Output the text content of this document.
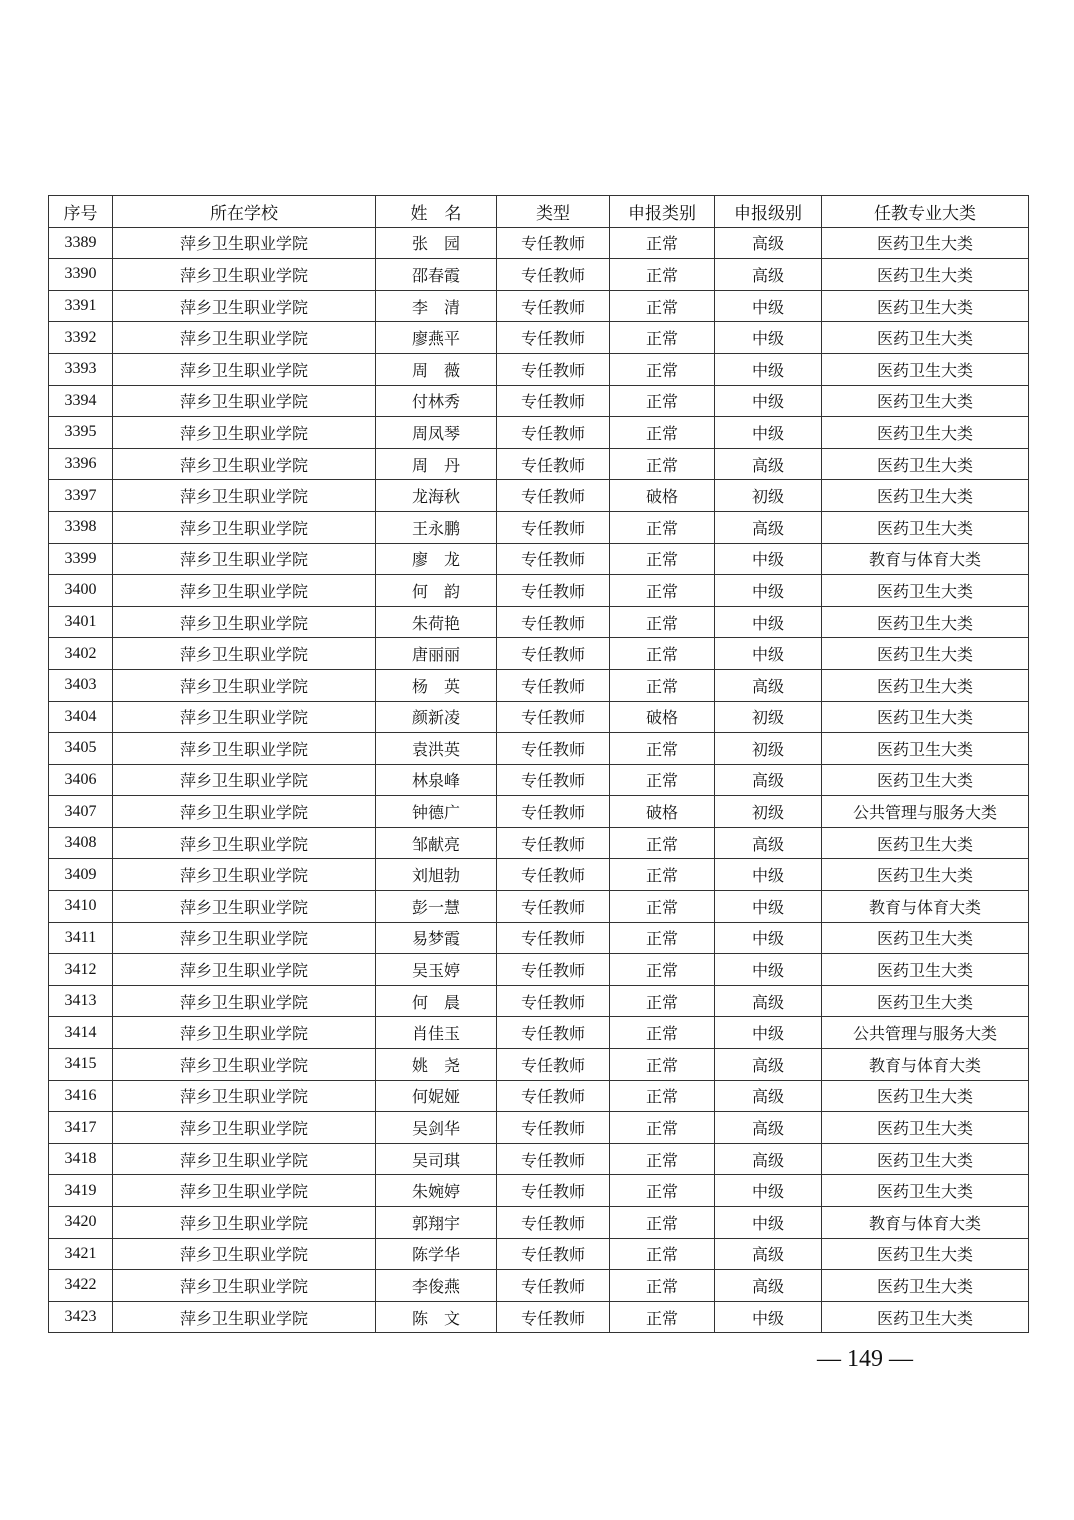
序号	所在学校	姓　名	类型	申报类别	申报级别	任教专业大类
3389	萍乡卫生职业学院	张　园	专任教师	正常	高级	医药卫生大类
3390	萍乡卫生职业学院	邵春霞	专任教师	正常	高级	医药卫生大类
3391	萍乡卫生职业学院	李　清	专任教师	正常	中级	医药卫生大类
3392	萍乡卫生职业学院	廖燕平	专任教师	正常	中级	医药卫生大类
3393	萍乡卫生职业学院	周　薇	专任教师	正常	中级	医药卫生大类
3394	萍乡卫生职业学院	付林秀	专任教师	正常	中级	医药卫生大类
3395	萍乡卫生职业学院	周凤琴	专任教师	正常	中级	医药卫生大类
3396	萍乡卫生职业学院	周　丹	专任教师	正常	高级	医药卫生大类
3397	萍乡卫生职业学院	龙海秋	专任教师	破格	初级	医药卫生大类
3398	萍乡卫生职业学院	王永鹏	专任教师	正常	高级	医药卫生大类
3399	萍乡卫生职业学院	廖　龙	专任教师	正常	中级	教育与体育大类
3400	萍乡卫生职业学院	何　韵	专任教师	正常	中级	医药卫生大类
3401	萍乡卫生职业学院	朱荷艳	专任教师	正常	中级	医药卫生大类
3402	萍乡卫生职业学院	唐丽丽	专任教师	正常	中级	医药卫生大类
3403	萍乡卫生职业学院	杨　英	专任教师	正常	高级	医药卫生大类
3404	萍乡卫生职业学院	颜新凌	专任教师	破格	初级	医药卫生大类
3405	萍乡卫生职业学院	袁洪英	专任教师	正常	初级	医药卫生大类
3406	萍乡卫生职业学院	林泉峰	专任教师	正常	高级	医药卫生大类
3407	萍乡卫生职业学院	钟德广	专任教师	破格	初级	公共管理与服务大类
3408	萍乡卫生职业学院	邹献亮	专任教师	正常	高级	医药卫生大类
3409	萍乡卫生职业学院	刘旭勃	专任教师	正常	中级	医药卫生大类
3410	萍乡卫生职业学院	彭一慧	专任教师	正常	中级	教育与体育大类
3411	萍乡卫生职业学院	易梦霞	专任教师	正常	中级	医药卫生大类
3412	萍乡卫生职业学院	吴玉婷	专任教师	正常	中级	医药卫生大类
3413	萍乡卫生职业学院	何　晨	专任教师	正常	高级	医药卫生大类
3414	萍乡卫生职业学院	肖佳玉	专任教师	正常	中级	公共管理与服务大类
3415	萍乡卫生职业学院	姚　尧	专任教师	正常	高级	教育与体育大类
3416	萍乡卫生职业学院	何妮娅	专任教师	正常	高级	医药卫生大类
3417	萍乡卫生职业学院	吴剑华	专任教师	正常	高级	医药卫生大类
3418	萍乡卫生职业学院	吴司琪	专任教师	正常	高级	医药卫生大类
3419	萍乡卫生职业学院	朱婉婷	专任教师	正常	中级	医药卫生大类
3420	萍乡卫生职业学院	郭翔宇	专任教师	正常	中级	教育与体育大类
3421	萍乡卫生职业学院	陈学华	专任教师	正常	高级	医药卫生大类
3422	萍乡卫生职业学院	李俊燕	专任教师	正常	高级	医药卫生大类
3423	萍乡卫生职业学院	陈　文	专任教师	正常	中级	医药卫生大类
— 149 —
